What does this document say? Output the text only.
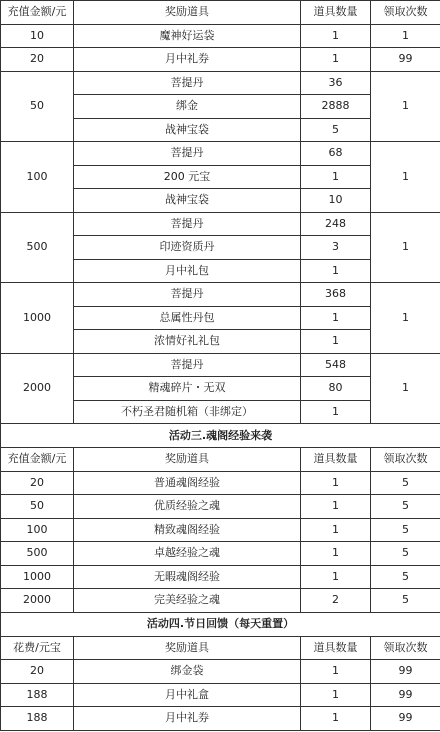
充值金额/元	奖励道具	道具数量	领取次数
10	魔神好运袋	1	1
20	月中礼券	1	99
50	菩提丹	36	1
	绑金	2888	
	战神宝袋	5	
100	菩提丹	68	1
	200 元宝	1	
	战神宝袋	10	
500	菩提丹	248	1
	印迹资质丹	3	
	月中礼包	1	
1000	菩提丹	368	1
	总属性丹包	1	
	浓情好礼礼包	1	
2000	菩提丹	548	1
	精魂碎片・无双	80	
	不朽圣君随机箱（非绑定）	1	
活动三.魂阁经验来袭			
充值金额/元	奖励道具	道具数量	领取次数
20	普通魂阁经验	1	5
50	优质经验之魂	1	5
100	精致魂阁经验	1	5
500	卓越经验之魂	1	5
1000	无暇魂阁经验	1	5
2000	完美经验之魂	2	5
活动四.节日回馈（每天重置）			
花费/元宝	奖励道具	道具数量	领取次数
20	绑金袋	1	99
188	月中礼盒	1	99
188	月中礼券	1	99
